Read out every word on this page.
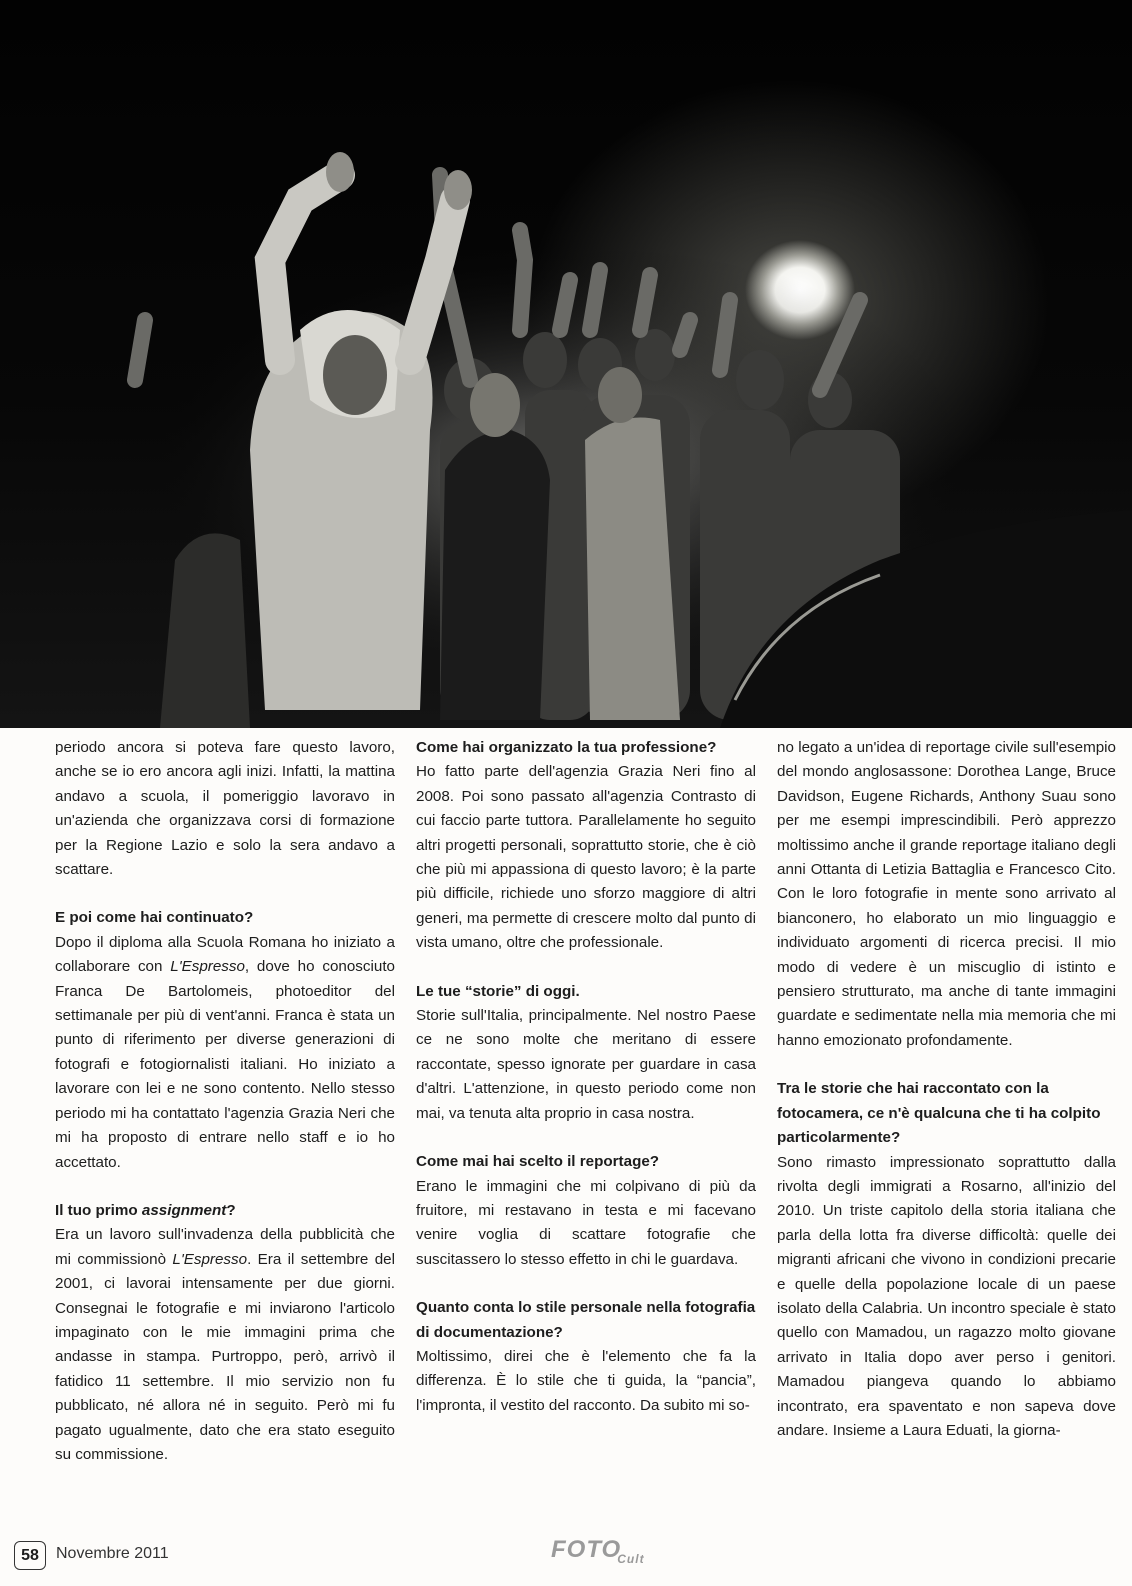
periodo ancora si poteva fare questo lavoro, anche se io ero ancora agli inizi. Infatti, la mattina andavo a scuola, il pomeriggio lavoravo in un'azienda che organizzava corsi di formazione per la Regione Lazio e solo la sera andavo a scattare.

E poi come hai continuato?

Dopo il diploma alla Scuola Romana ho iniziato a collaborare con L'Espresso, dove ho conosciuto Franca De Bartolomeis, photoeditor del settimanale per più di vent'anni. Franca è stata un punto di riferimento per diverse generazioni di fotografi e fotogiornalisti italiani. Ho iniziato a lavorare con lei e ne sono contento. Nello stesso periodo mi ha contattato l'agenzia Grazia Neri che mi ha proposto di entrare nello staff e io ho accettato.

Il tuo primo assignment?

Era un lavoro sull'invadenza della pubblicità che mi commissionò L'Espresso. Era il settembre del 2001, ci lavorai intensamente per due giorni. Consegnai le fotografie e mi inviarono l'articolo impaginato con le mie immagini prima che andasse in stampa. Purtroppo, però, arrivò il fatidico 11 settembre. Il mio servizio non fu pubblicato, né allora né in seguito. Però mi fu pagato ugualmente, dato che era stato eseguito su commissione.

Come hai organizzato la tua professione?

Ho fatto parte dell'agenzia Grazia Neri fino al 2008. Poi sono passato all'agenzia Contrasto di cui faccio parte tuttora. Parallelamente ho seguito altri progetti personali, soprattutto storie, che è ciò che più mi appassiona di questo lavoro; è la parte più difficile, richiede uno sforzo maggiore di altri generi, ma permette di crescere molto dal punto di vista umano, oltre che professionale.

Le tue “storie” di oggi.

Storie sull'Italia, principalmente. Nel nostro Paese ce ne sono molte che meritano di essere raccontate, spesso ignorate per guardare in casa d'altri. L'attenzione, in questo periodo come non mai, va tenuta alta proprio in casa nostra.

Come mai hai scelto il reportage?

Erano le immagini che mi colpivano di più da fruitore, mi restavano in testa e mi facevano venire voglia di scattare fotografie che suscitassero lo stesso effetto in chi le guardava.

Quanto conta lo stile personale nella fotografia di documentazione?

Moltissimo, direi che è l'elemento che fa la differenza. È lo stile che ti guida, la “pancia”, l'impronta, il vestito del racconto. Da subito mi so-

no legato a un'idea di reportage civile sull'esempio del mondo anglosassone: Dorothea Lange, Bruce Davidson, Eugene Richards, Anthony Suau sono per me esempi imprescindibili. Però apprezzo moltissimo anche il grande reportage italiano degli anni Ottanta di Letizia Battaglia e Francesco Cito. Con le loro fotografie in mente sono arrivato al bianconero, ho elaborato un mio linguaggio e individuato argomenti di ricerca precisi. Il mio modo di vedere è un miscuglio di istinto e pensiero strutturato, ma anche di tante immagini guardate e sedimentate nella mia memoria che mi hanno emozionato profondamente.

Tra le storie che hai raccontato con la fotocamera, ce n'è qualcuna che ti ha colpito particolarmente?

Sono rimasto impressionato soprattutto dalla rivolta degli immigrati a Rosarno, all'inizio del 2010. Un triste capitolo della storia italiana che parla della lotta fra diverse difficoltà: quelle dei migranti africani che vivono in condizioni precarie e quelle della popolazione locale di un paese isolato della Calabria. Un incontro speciale è stato quello con Mamadou, un ragazzo molto giovane arrivato in Italia dopo aver perso i genitori. Mamadou piangeva quando lo abbiamo incontrato, era spaventato e non sapeva dove andare. Insieme a Laura Eduati, la giorna-

58	Novembre 2011	$FOTO_{Cult}$
